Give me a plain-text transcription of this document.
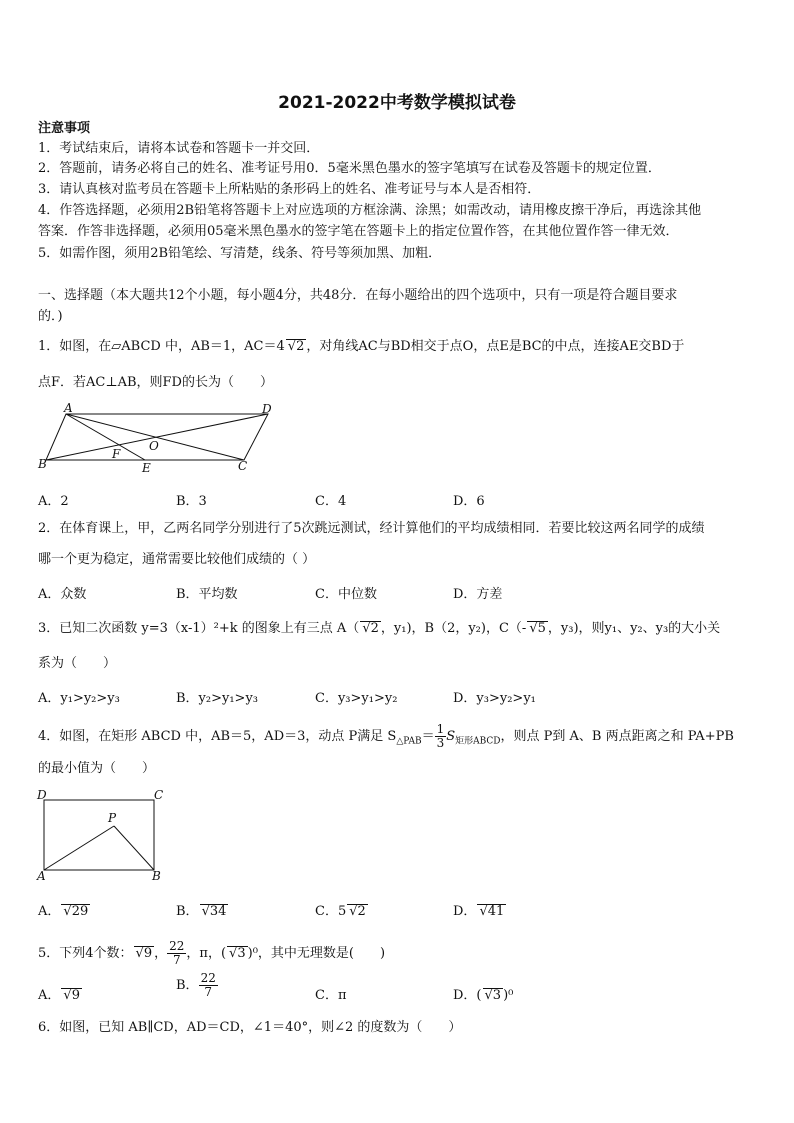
2021-2022中考数学模拟试卷
注意事项
1．考试结束后，请将本试卷和答题卡一并交回．
2．答题前，请务必将自己的姓名、准考证号用0．5毫米黑色墨水的签字笔填写在试卷及答题卡的规定位置．
3．请认真核对监考员在答题卡上所粘贴的条形码上的姓名、准考证号与本人是否相符．
4．作答选择题，必须用2B铅笔将答题卡上对应选项的方框涂满、涂黑；如需改动，请用橡皮擦干净后，再选涂其他
答案．作答非选择题，必须用05毫米黑色墨水的签字笔在答题卡上的指定位置作答，在其他位置作答一律无效．
5．如需作图，须用2B铅笔绘、写清楚，线条、符号等须加黑、加粗．
一、选择题（本大题共12个小题，每小题4分，共48分．在每小题给出的四个选项中，只有一项是符合题目要求
的．)
1．如图，在▱ABCD 中，AB＝1，AC＝4 √2 ，对角线AC与BD相交于点O，点E是BC的中点，连接AE交BD于
点F．若AC⊥AB，则FD的长为（　　）
A	D
B	C
O
F
E
A．2	B．3	C．4	D．6
2．在体育课上，甲，乙两名同学分别进行了5次跳远测试，经计算他们的平均成绩相同．若要比较这两名同学的成绩
哪一个更为稳定，通常需要比较他们成绩的（ ）
A．众数	B．平均数	C．中位数	D．方差
3．已知二次函数 y=3（x-1）²+k 的图象上有三点 A（ √2 ，y₁)，B（2，y₂)，C（- √5 ，y₃)，则y₁、y₂、y₃的大小关
系为（　　）
A．y₁>y₂>y₃	B．y₂>y₁>y₃	C．y₃>y₁>y₂	D．y₃>y₂>y₁
4．如图，在矩形 ABCD 中，AB＝5，AD＝3，动点 P满足 $S_{\triangle PAB}= \frac{1}{3} S_{矩形ABCD}$，则点 P到 A、B 两点距离之和 PA+PB
的最小值为（　　）
D	C
A	B
P
A． √29	B． √34	C．5 √2	D． √41
5．下列4个数： √9 ， $\frac{22}{7}$ ，π，( √3 )⁰，其中无理数是(　　)
A． √9
B． $\frac{22}{7}$	C．π	D．( √3 )⁰
6．如图，已知 AB∥CD，AD＝CD，∠1＝40°，则∠2 的度数为（　　）
